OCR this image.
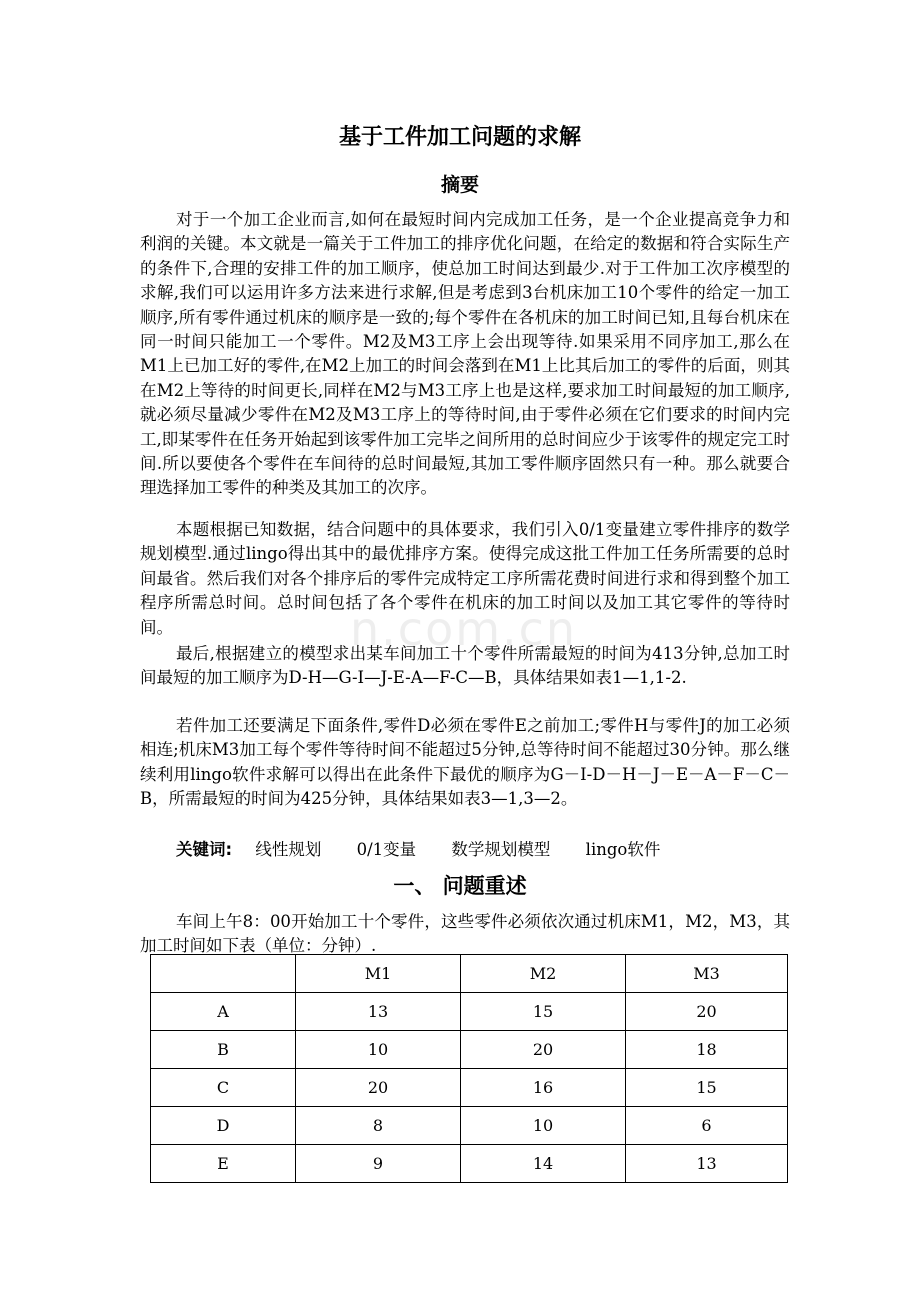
n.com.cn
基于工件加工问题的求解
摘要

对于一个加工企业而言,如何在最短时间内完成加工任务，是一个企业提高竞争力和利润的关键。本文就是一篇关于工件加工的排序优化问题，在给定的数据和符合实际生产的条件下,合理的安排工件的加工顺序，使总加工时间达到最少.对于工件加工次序模型的求解,我们可以运用许多方法来进行求解,但是考虑到3台机床加工10个零件的给定一加工顺序,所有零件通过机床的顺序是一致的;每个零件在各机床的加工时间已知,且每台机床在同一时间只能加工一个零件。M2及M3工序上会出现等待.如果采用不同序加工,那么在M1上已加工好的零件,在M2上加工的时间会落到在M1上比其后加工的零件的后面，则其在M2上等待的时间更长,同样在M2与M3工序上也是这样,要求加工时间最短的加工顺序,就必须尽量减少零件在M2及M3工序上的等待时间,由于零件必须在它们要求的时间内完工,即某零件在任务开始起到该零件加工完毕之间所用的总时间应少于该零件的规定完工时间.所以要使各个零件在车间待的总时间最短,其加工零件顺序固然只有一种。那么就要合理选择加工零件的种类及其加工的次序。

本题根据已知数据，结合问题中的具体要求，我们引入0/1变量建立零件排序的数学规划模型.通过lingo得出其中的最优排序方案。使得完成这批工件加工任务所需要的总时间最省。然后我们对各个排序后的零件完成特定工序所需花费时间进行求和得到整个加工程序所需总时间。总时间包括了各个零件在机床的加工时间以及加工其它零件的等待时间。

最后,根据建立的模型求出某车间加工十个零件所需最短的时间为413分钟,总加工时间最短的加工顺序为D-H—G-I—J-E-A—F-C—B，具体结果如表1—1,1-2.

若件加工还要满足下面条件,零件D必须在零件E之前加工;零件H与零件J的加工必须相连;机床M3加工每个零件等待时间不能超过5分钟,总等待时间不能超过30分钟。那么继续利用lingo软件求解可以得出在此条件下最优的顺序为G－I-D－H－J－E－A－F－C－B，所需最短的时间为425分钟，具体结果如表3—1,3—2。

关键词: 线性规划 0/1变量 数学规划模型 lingo软件
一、 问题重述

车间上午8：00开始加工十个零件，这些零件必须依次通过机床M1，M2，M3，其加工时间如下表（单位：分钟）.

	M1	M2	M3
A	13	15	20
B	10	20	18
C	20	16	15
D	8	10	6
E	9	14	13
